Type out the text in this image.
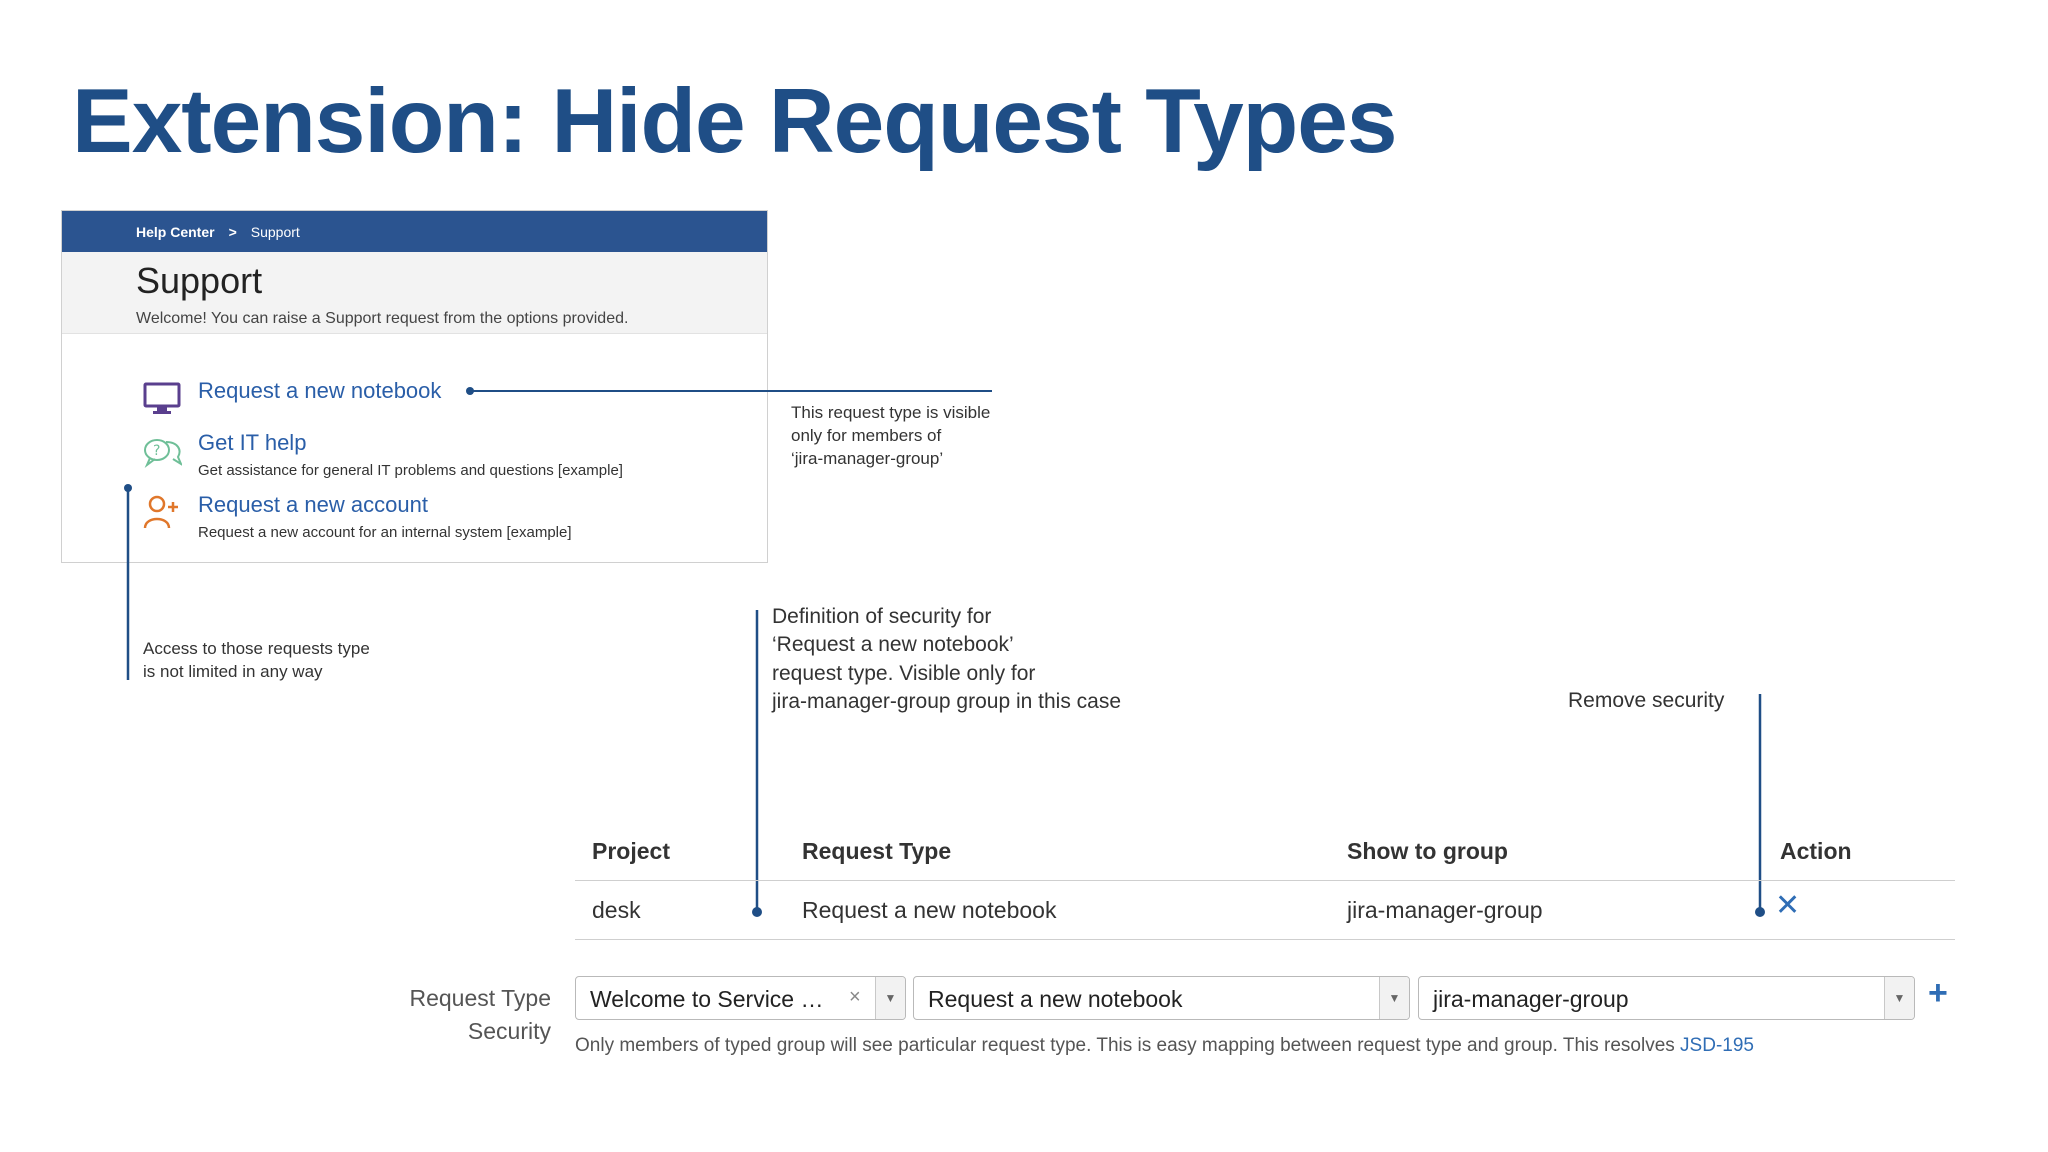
Extension: Hide Request Types
Help Center > Support
Support
Welcome! You can raise a Support request from the options provided.
Request a new notebook
? Get IT help
Get assistance for general IT problems and questions [example]
Request a new account
Request a new account for an internal system [example]
This request type is visible
only for members of
‘jira-manager-group’
Access to those requests type
is not limited in any way
Definition of security for
‘Request a new notebook’
request type. Visible only for
jira-manager-group group in this case	Remove security
Project	Request Type	Show to group	Action
desk	Request a new notebook	jira-manager-group	✕
Request Type
Security
Welcome to Service … ×	▼	Request a new notebook	▼	jira-manager-group	▼ +
Only members of typed group will see particular request type. This is easy mapping between request type and group. This resolves JSD-195
